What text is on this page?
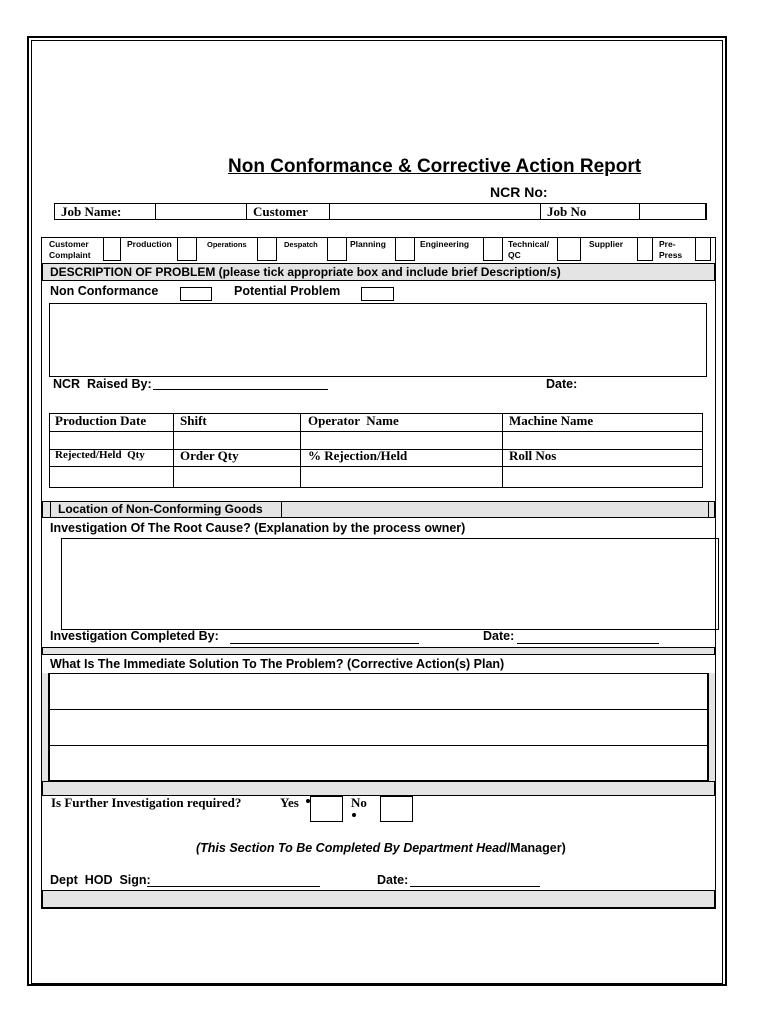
Non Conformance & Corrective Action Report
NCR No:
Job Name:	Customer	Job No
Customer Complaint
Production	Operations	Despatch	Planning	Engineering	Technical/ QC
Supplier	Pre- Press
DESCRIPTION OF PROBLEM (please tick appropriate box and include brief Description/s)
Non Conformance	Potential Problem
NCR  Raised By:	Date:
Production Date	Shift	Operator  Name	Machine Name
Rejected/Held  Qty	Order Qty	% Rejection/Held	Roll Nos
Location of Non-Conforming Goods
Investigation Of The Root Cause? (Explanation by the process owner)
Investigation Completed By:	Date:
What Is The Immediate Solution To The Problem? (Corrective Action(s) Plan)
Is Further Investigation required?	Yes	No
(This Section To Be Completed By Department Head/Manager)
Dept  HOD  Sign:	Date:
